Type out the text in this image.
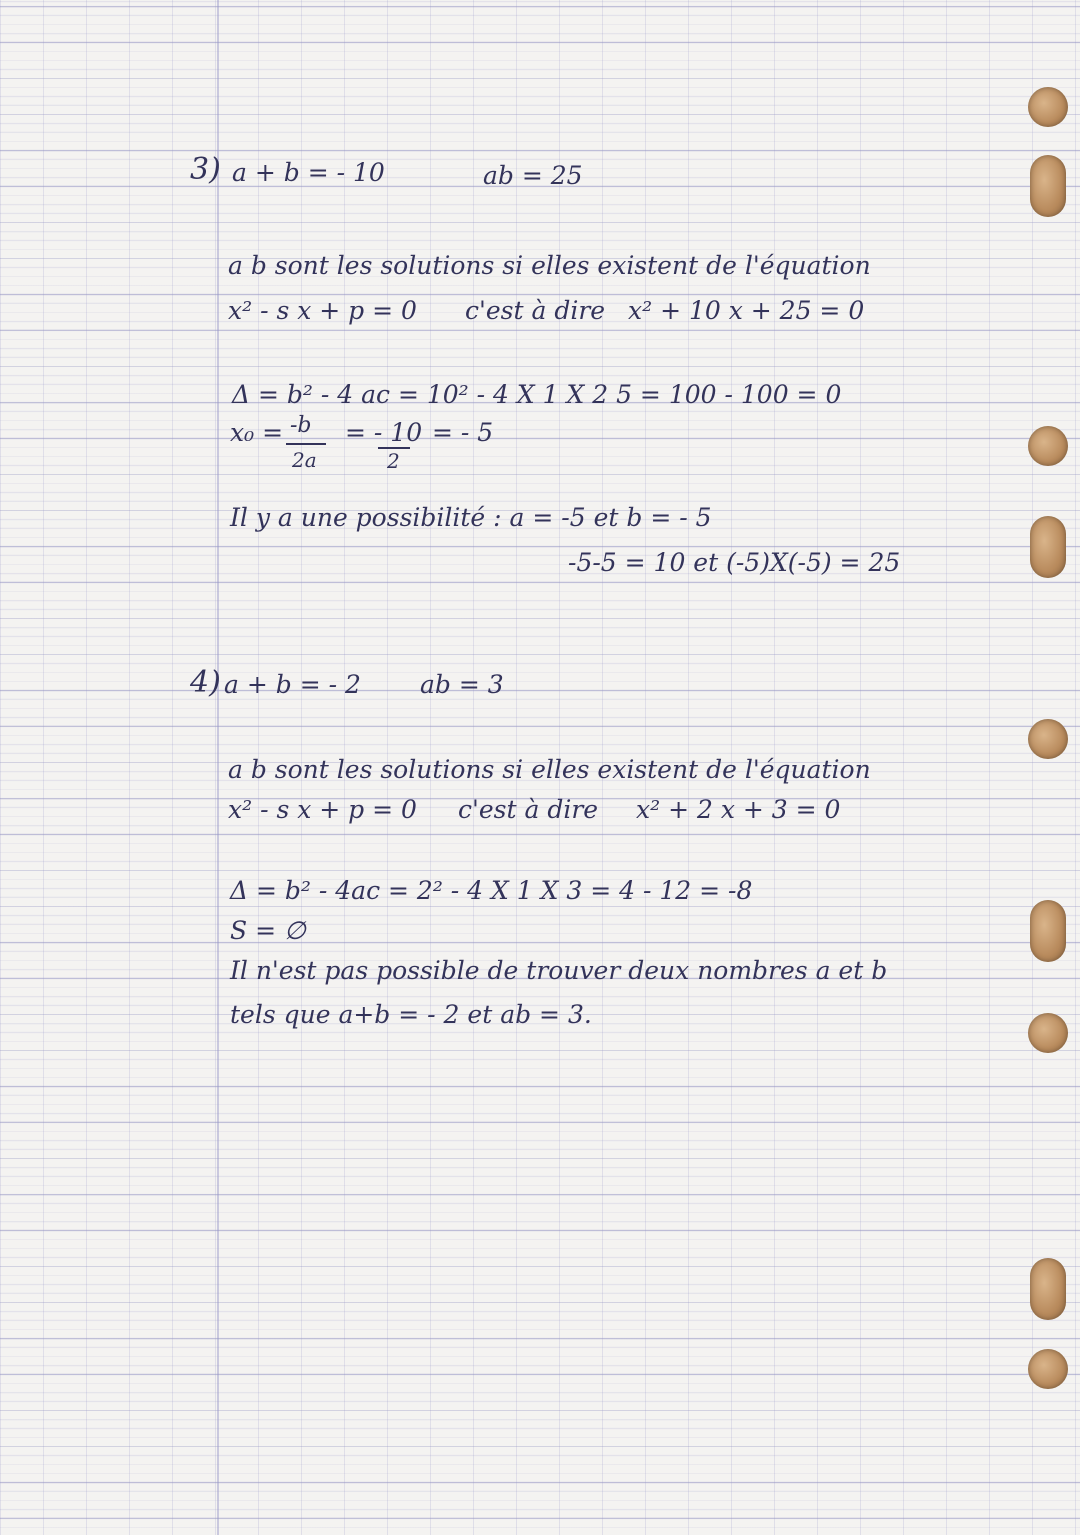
3) a + b = - 10	ab = 25
a b sont les solutions si elles existent de l'équation
x² - s x + p = 0 c'est à dire x² + 10 x + 25 = 0
Δ = b² - 4 ac = 10² - 4 X 1 X 2 5 = 100 - 100 = 0
x₀ = -b
2a
= - 10
2
= - 5
Il y a une possibilité : a = -5 et b = - 5
-5-5 = 10 et (-5)X(-5) = 25
4) a + b = - 2 ab = 3
a b sont les solutions si elles existent de l'équation
x² - s x + p = 0 c'est à dire x² + 2 x + 3 = 0
Δ = b² - 4ac = 2² - 4 X 1 X 3 = 4 - 12 = -8
S = ∅
Il n'est pas possible de trouver deux nombres a et b
tels que a+b = - 2 et ab = 3.
